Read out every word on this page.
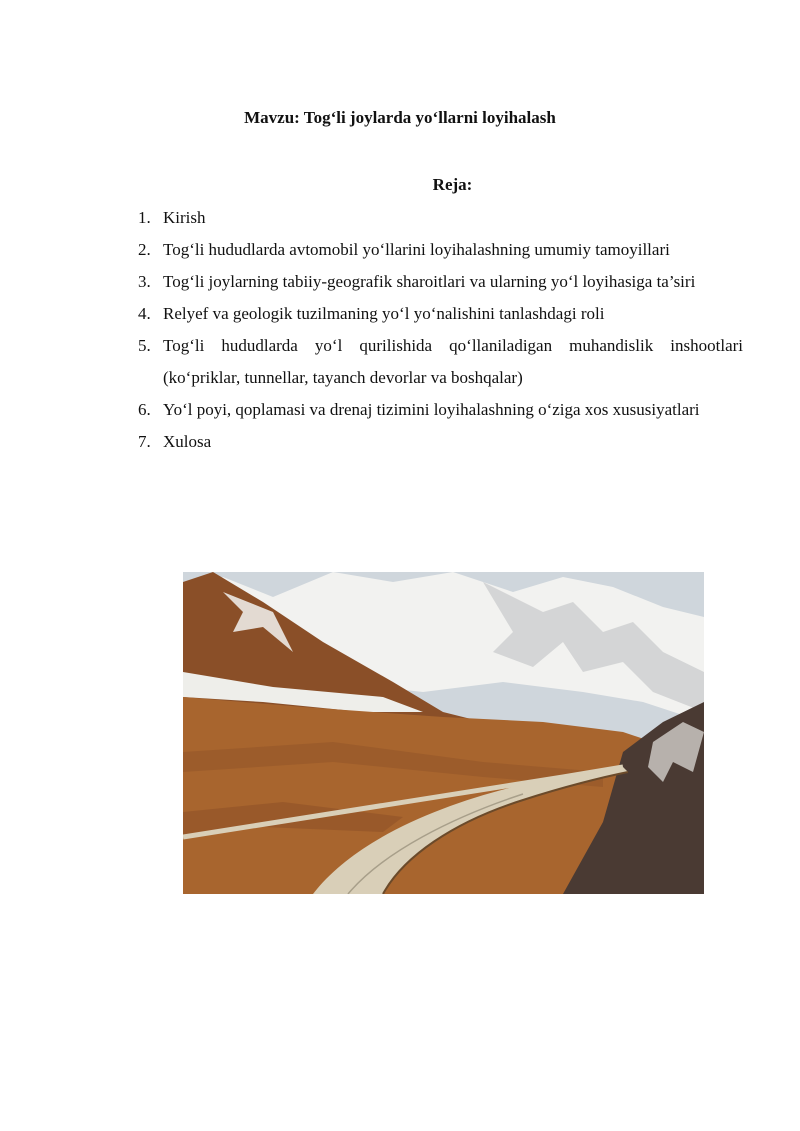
Mavzu: Tog‘li joylarda yo‘llarni loyihalash
Reja:
1. Kirish
2. Tog‘li hududlarda avtomobil yo‘llarini loyihalashning umumiy tamoyillari
3. Tog‘li joylarning tabiiy-geografik sharoitlari va ularning yo‘l loyihasiga ta’siri
4. Relyef va geologik tuzilmaning yo‘l yo‘nalishini tanlashdagi roli
5. Tog‘li hududlarda yo‘l qurilishida qo‘llaniladigan muhandislik inshootlari (ko‘priklar, tunnellar, tayanch devorlar va boshqalar)
6. Yo‘l poyi, qoplamasi va drenaj tizimini loyihalashning o‘ziga xos xususiyatlari
7. Xulosa
